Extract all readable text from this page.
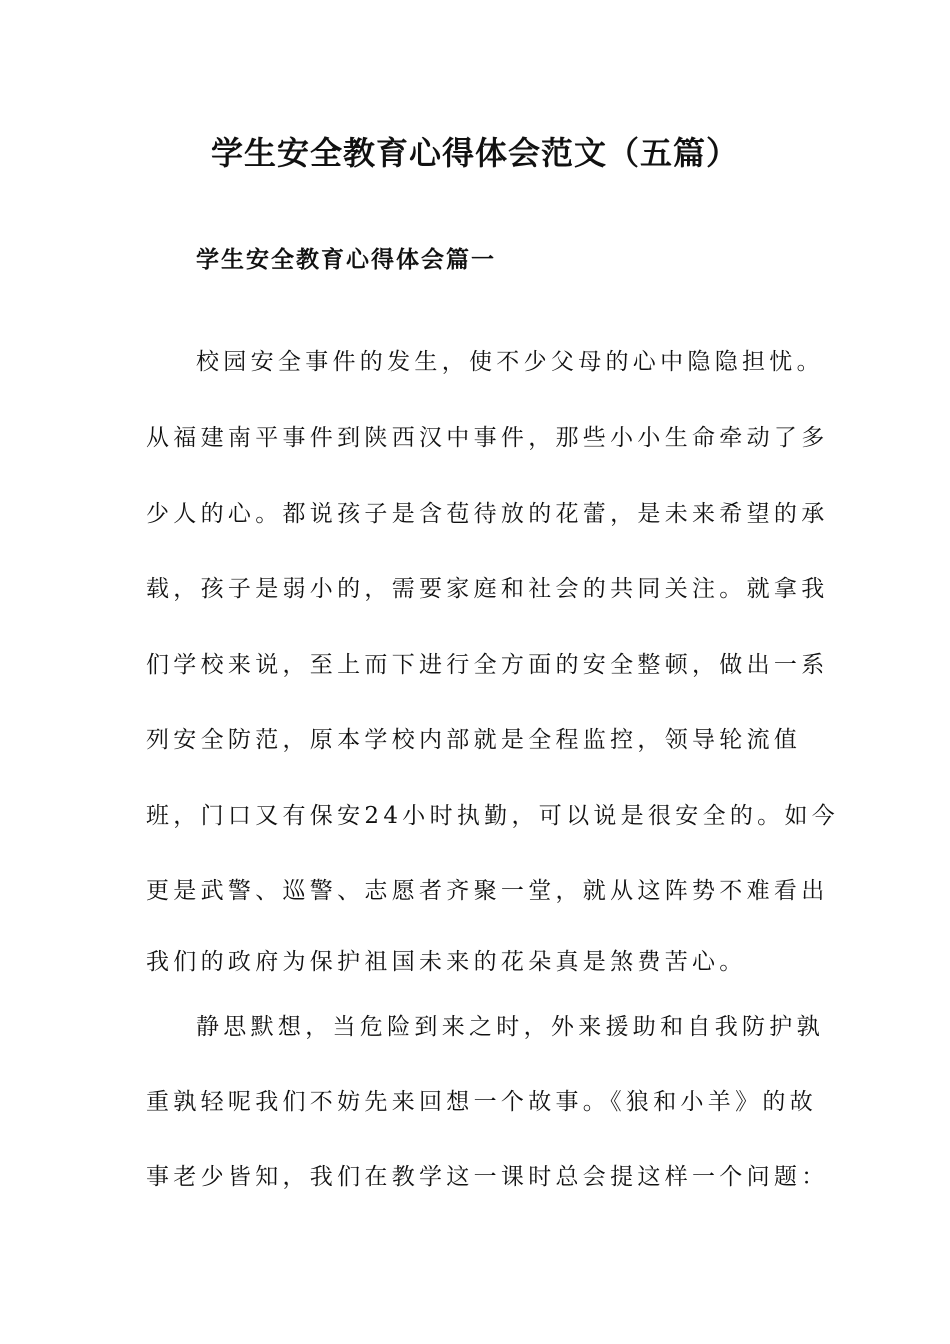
学生安全教育心得体会范文（五篇）
学生安全教育心得体会篇一

校园安全事件的发生，使不少父母的心中隐隐担忧。

从福建南平事件到陕西汉中事件，那些小小生命牵动了多

少人的心。都说孩子是含苞待放的花蕾，是未来希望的承

载，孩子是弱小的，需要家庭和社会的共同关注。就拿我

们学校来说，至上而下进行全方面的安全整顿，做出一系

列安全防范，原本学校内部就是全程监控，领导轮流值

班，门口又有保安24小时执勤，可以说是很安全的。如今

更是武警、巡警、志愿者齐聚一堂，就从这阵势不难看出

我们的政府为保护祖国未来的花朵真是煞费苦心。

静思默想，当危险到来之时，外来援助和自我防护孰

重孰轻呢我们不妨先来回想一个故事。《狼和小羊》的故

事老少皆知，我们在教学这一课时总会提这样一个问题：
